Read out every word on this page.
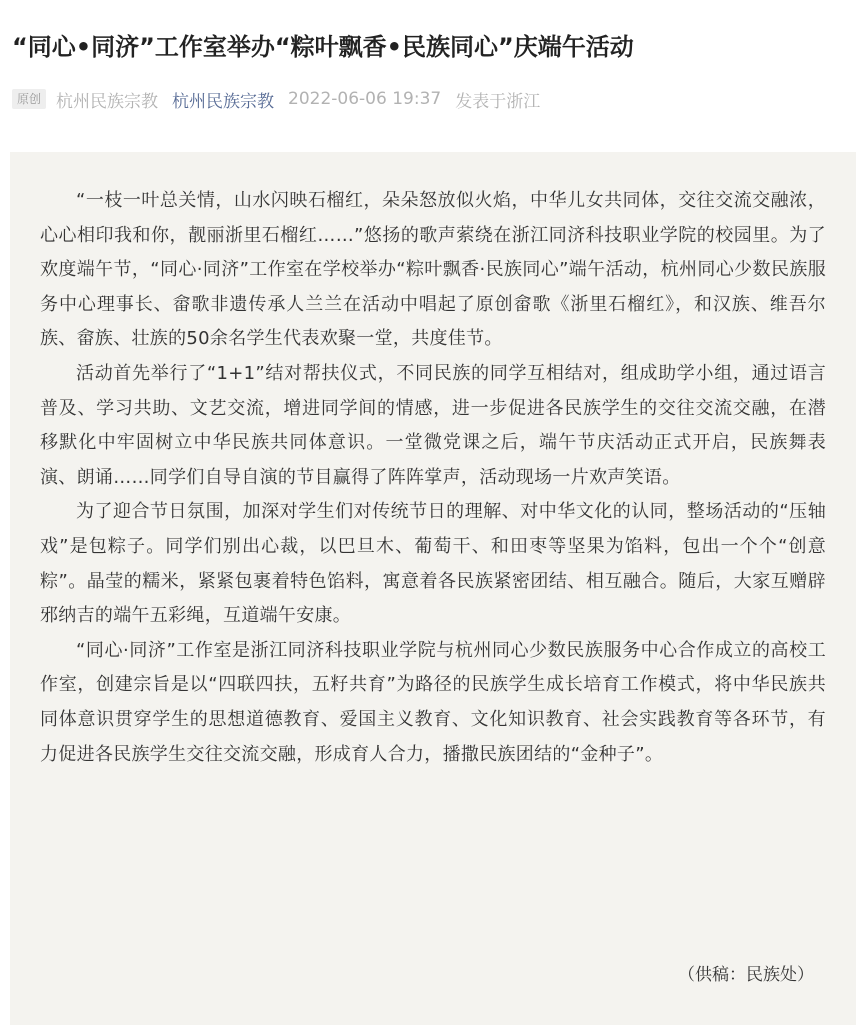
“同心•同济”工作室举办“粽叶飘香•民族同心”庆端午活动
原创 杭州民族宗教 杭州民族宗教 2022-06-06 19:37 发表于浙江

“一枝一叶总关情，山水闪映石榴红，朵朵怒放似火焰，中华儿女共同体，交往交流交融浓，心心相印我和你，靓丽浙里石榴红……”悠扬的歌声萦绕在浙江同济科技职业学院的校园里。为了欢度端午节，“同心·同济”工作室在学校举办“粽叶飘香·民族同心”端午活动，杭州同心少数民族服务中心理事长、畲歌非遗传承人兰兰在活动中唱起了原创畲歌《浙里石榴红》，和汉族、维吾尔族、畲族、壮族的50余名学生代表欢聚一堂，共度佳节。

活动首先举行了“1+1”结对帮扶仪式，不同民族的同学互相结对，组成助学小组，通过语言普及、学习共助、文艺交流，增进同学间的情感，进一步促进各民族学生的交往交流交融，在潜移默化中牢固树立中华民族共同体意识。一堂微党课之后，端午节庆活动正式开启，民族舞表演、朗诵……同学们自导自演的节目赢得了阵阵掌声，活动现场一片欢声笑语。

为了迎合节日氛围，加深对学生们对传统节日的理解、对中华文化的认同，整场活动的“压轴戏”是包粽子。同学们别出心裁，以巴旦木、葡萄干、和田枣等坚果为馅料，包出一个个“创意粽”。晶莹的糯米，紧紧包裹着特色馅料，寓意着各民族紧密团结、相互融合。随后，大家互赠辟邪纳吉的端午五彩绳，互道端午安康。

“同心·同济”工作室是浙江同济科技职业学院与杭州同心少数民族服务中心合作成立的高校工作室，创建宗旨是以“四联四扶，五籽共育”为路径的民族学生成长培育工作模式，将中华民族共同体意识贯穿学生的思想道德教育、爱国主义教育、文化知识教育、社会实践教育等各环节，有力促进各民族学生交往交流交融，形成育人合力，播撒民族团结的“金种子”。

（供稿：民族处）
